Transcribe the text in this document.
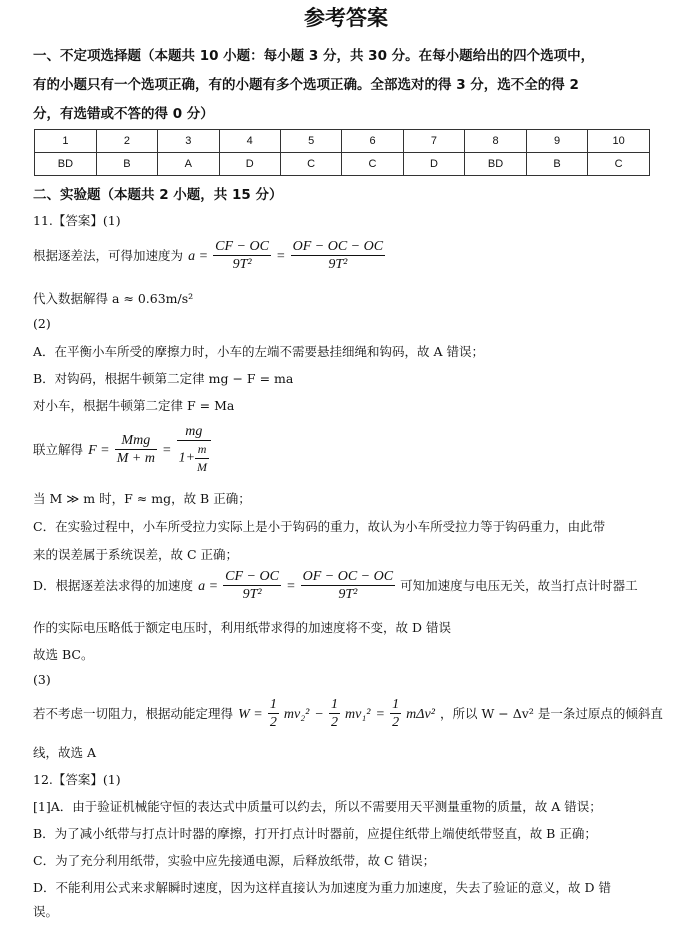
参考答案
一、不定项选择题（本题共 10 小题：每小题 3 分，共 30 分。在每小题给出的四个选项中，
有的小题只有一个选项正确，有的小题有多个选项正确。全部选对的得 3 分，选不全的得 2
分，有选错或不答的得 0 分）
1	2	3	4	5	6	7	8	9	10
BD	B	A	D	C	C	D	BD	B	C
二、实验题（本题共 2 小题，共 15 分）
11.【答案】(1)
根据逐差法，可得加速度为 $a = \frac{CF - OC}{\text{9T²}} = \frac{OF - OC - OC}{\text{9T²}}$
代入数据解得 a ≈ 0.63m/s²
(2)
A．在平衡小车所受的摩擦力时，小车的左端不需要悬挂细绳和钩码，故 A 错误；
B．对钩码，根据牛顿第二定律 mg − F = ma
对小车，根据牛顿第二定律 F = Ma
联立解得 $F = \frac{\text{Mmg}}{M + m} = \frac{mg}{1+ \frac{m}{M}}$
当 M ≫ m 时，F ≈ mg，故 B 正确；
C．在实验过程中，小车所受拉力实际上是小于钩码的重力，故认为小车所受拉力等于钩码重力，由此带
来的误差属于系统误差，故 C 正确；
D．根据逐差法求得的加速度 $a = \frac{CF - OC}{\text{9T²}} = \frac{OF - OC - OC}{\text{9T²}}$ 可知加速度与电压无关，故当打点计时器工
作的实际电压略低于额定电压时，利用纸带求得的加速度将不变，故 D 错误
故选 BC。
(3)
若不考虑一切阻力，根据动能定理得 $W = \frac{1}{2} mv_2^2 - \frac{1}{2} mv_1^2 = \frac{1}{2} m\Delta v^2$ ，所以 W − Δv² 是一条过原点的倾斜直
线，故选 A
12.【答案】(1)
[1]A．由于验证机械能守恒的表达式中质量可以约去，所以不需要用天平测量重物的质量，故 A 错误；
B．为了减小纸带与打点计时器的摩擦，打开打点计时器前，应提住纸带上端使纸带竖直，故 B 正确；
C．为了充分利用纸带，实验中应先接通电源，后释放纸带，故 C 错误；
D．不能利用公式来求解瞬时速度，因为这样直接认为加速度为重力加速度，失去了验证的意义，故 D 错
误。
